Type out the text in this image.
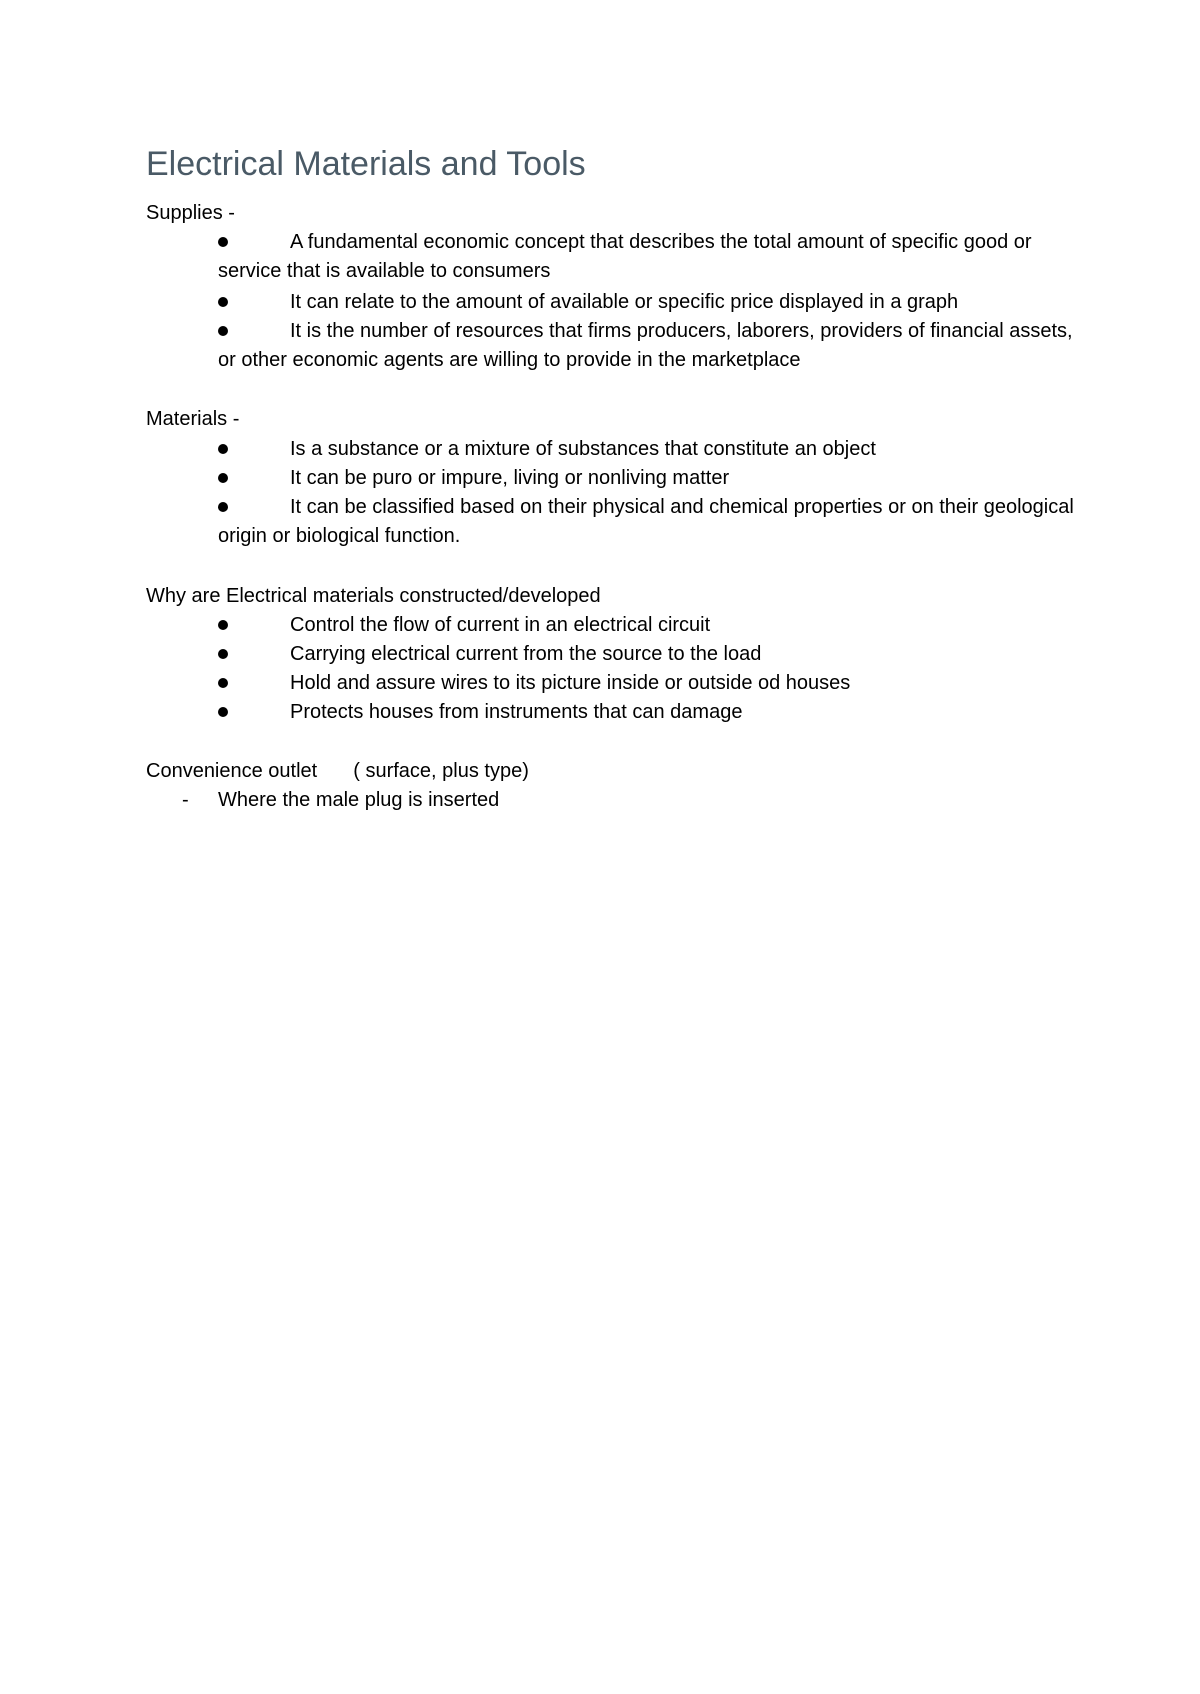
Electrical Materials and Tools

Supplies -

A fundamental economic concept that describes the total amount of specific good or service that is available to consumers
It can relate to the amount of available or specific price displayed in a graph
It is the number of resources that firms producers, laborers, providers of financial assets, or other economic agents are willing to provide in the marketplace

Materials -

Is a substance or a mixture of substances that constitute an object
It can be puro or impure, living or nonliving matter
It can be classified based on their physical and chemical properties or on their geological origin or biological function.

Why are Electrical materials constructed/developed

Control the flow of current in an electrical circuit
Carrying electrical current from the source to the load
Hold and assure wires to its picture inside or outside od houses
Protects houses from instruments that can damage

Convenience outlet ( surface, plus type)

- Where the male plug is inserted
